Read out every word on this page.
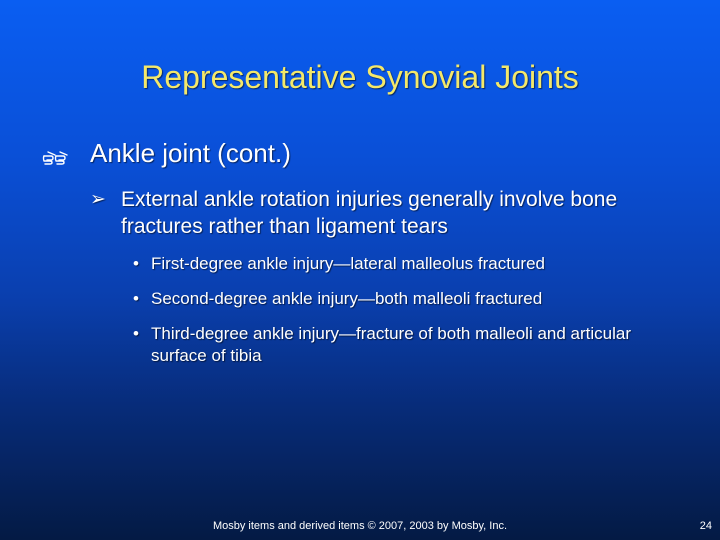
Representative Synovial Joints
Ankle joint (cont.)
➢ External ankle rotation injuries generally involve bone fractures rather than ligament tears
• First-degree ankle injury—lateral malleolus fractured
• Second-degree ankle injury—both malleoli fractured
• Third-degree ankle injury—fracture of both malleoli and articular surface of tibia
Mosby items and derived items © 2007, 2003 by Mosby, Inc.	24
